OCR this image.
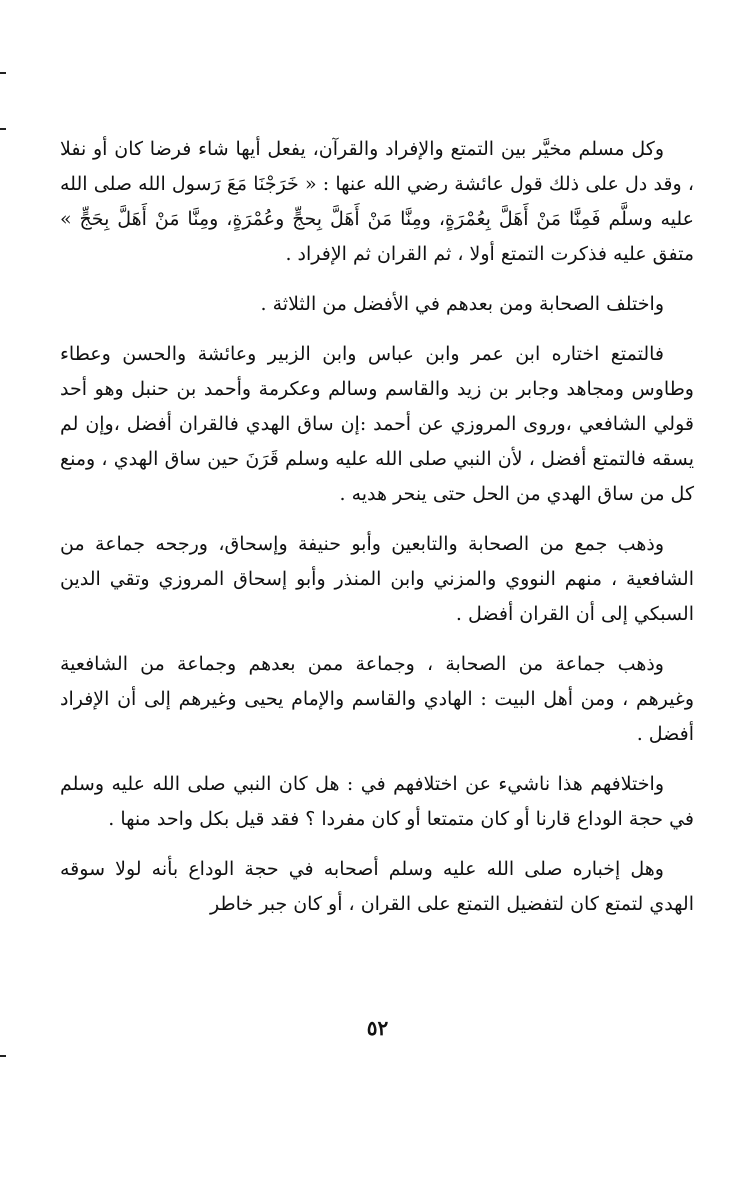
وكل مسلم مخيَّر بين التمتع والإفراد والقرآن، يفعل أيها شاء فرضا كان أو نفلا ، وقد دل على ذلك قول عائشة رضي الله عنها : « خَرَجْنَا مَعَ رَسول الله صلى الله عليه وسلَّم فَمِنَّا مَنْ أَهَلَّ بِعُمْرَةٍ، ومِنَّا مَنْ أَهَلَّ بِحجٍّ وعُمْرَةٍ، ومِنَّا مَنْ أَهَلَّ بِحَجٍّ » متفق عليه فذكرت التمتع أولا ، ثم القران ثم الإفراد .

واختلف الصحابة ومن بعدهم في الأفضل من الثلاثة .

فالتمتع اختاره ابن عمر وابن عباس وابن الزبير وعائشة والحسن وعطاء وطاوس ومجاهد وجابر بن زيد والقاسم وسالم وعكرمة وأحمد بن حنبل وهو أحد قولي الشافعي ،وروى المروزي عن أحمد :إن ساق الهدي فالقران أفضل ،وإن لم يسقه فالتمتع أفضل ، لأن النبي صلى الله عليه وسلم قَرَنَ حين ساق الهدي ، ومنع كل من ساق الهدي من الحل حتى ينحر هديه .

وذهب جمع من الصحابة والتابعين وأبو حنيفة وإسحاق، ورجحه جماعة من الشافعية ، منهم النووي والمزني وابن المنذر وأبو إسحاق المروزي وتقي الدين السبكي إلى أن القران أفضل .

وذهب جماعة من الصحابة ، وجماعة ممن بعدهم وجماعة من الشافعية وغيرهم ، ومن أهل البيت : الهادي والقاسم والإمام يحيى وغيرهم إلى أن الإفراد أفضل .

واختلافهم هذا ناشيء عن اختلافهم في : هل كان النبي صلى الله عليه وسلم في حجة الوداع قارنا أو كان متمتعا أو كان مفردا ؟ فقد قيل بكل واحد منها .

وهل إخباره صلى الله عليه وسلم أصحابه في حجة الوداع بأنه لولا سوقه الهدي لتمتع كان لتفضيل التمتع على القران ، أو كان جبر خاطر

٥٢
